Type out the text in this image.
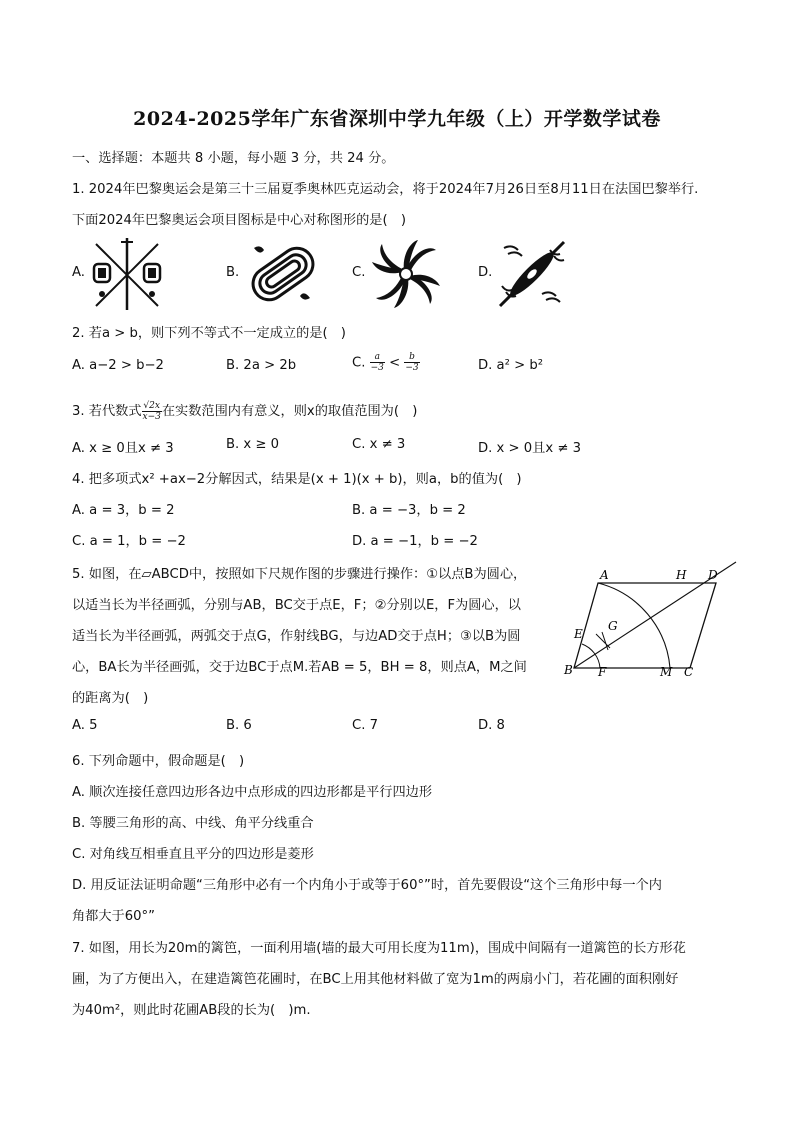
2024-2025学年广东省深圳中学九年级（上）开学数学试卷
一、选择题：本题共 8 小题，每小题 3 分，共 24 分。
1. 2024年巴黎奥运会是第三十三届夏季奥林匹克运动会，将于2024年7月26日至8月11日在法国巴黎举行.
下面2024年巴黎奥运会项目图标是中心对称图形的是(　)
A.	B.	C.	D.
2. 若a > b，则下列不等式不一定成立的是(　)
A. a−2 > b−2	B. 2a > 2b	C. $\frac{a}{-3} < \frac{b}{-3}$	D. a² > b²
3. 若代数式 $\frac{√2x}{x-3}$ 在实数范围内有意义，则x的取值范围为(　)
A. x ≥ 0且x ≠ 3	B. x ≥ 0	C. x ≠ 3	D. x > 0且x ≠ 3
4. 把多项式x² +ax−2分解因式，结果是(x + 1)(x + b)，则a，b的值为(　)
A. a = 3，b = 2	B. a = −3，b = 2
C. a = 1，b = −2	D. a = −1，b = −2
5. 如图，在▱ABCD中，按照如下尺规作图的步骤进行操作：①以点B为圆心，
以适当长为半径画弧，分别与AB，BC交于点E，F；②分别以E，F为圆心，以
适当长为半径画弧，两弧交于点G，作射线BG，与边AD交于点H；③以B为圆
心，BA长为半径画弧，交于边BC于点M.若AB = 5，BH = 8，则点A，M之间
的距离为(　)
A	H D
E
G
B F	M C
A. 5	B. 6	C. 7	D. 8
6. 下列命题中，假命题是(　)
A. 顺次连接任意四边形各边中点形成的四边形都是平行四边形
B. 等腰三角形的高、中线、角平分线重合
C. 对角线互相垂直且平分的四边形是菱形
D. 用反证法证明命题“三角形中必有一个内角小于或等于60°”时，首先要假设“这个三角形中每一个内
角都大于60°”
7. 如图，用长为20m的篱笆，一面利用墙(墙的最大可用长度为11m)，围成中间隔有一道篱笆的长方形花
圃，为了方便出入，在建造篱笆花圃时，在BC上用其他材料做了宽为1m的两扇小门，若花圃的面积刚好
为40m²，则此时花圃AB段的长为(　)m.
